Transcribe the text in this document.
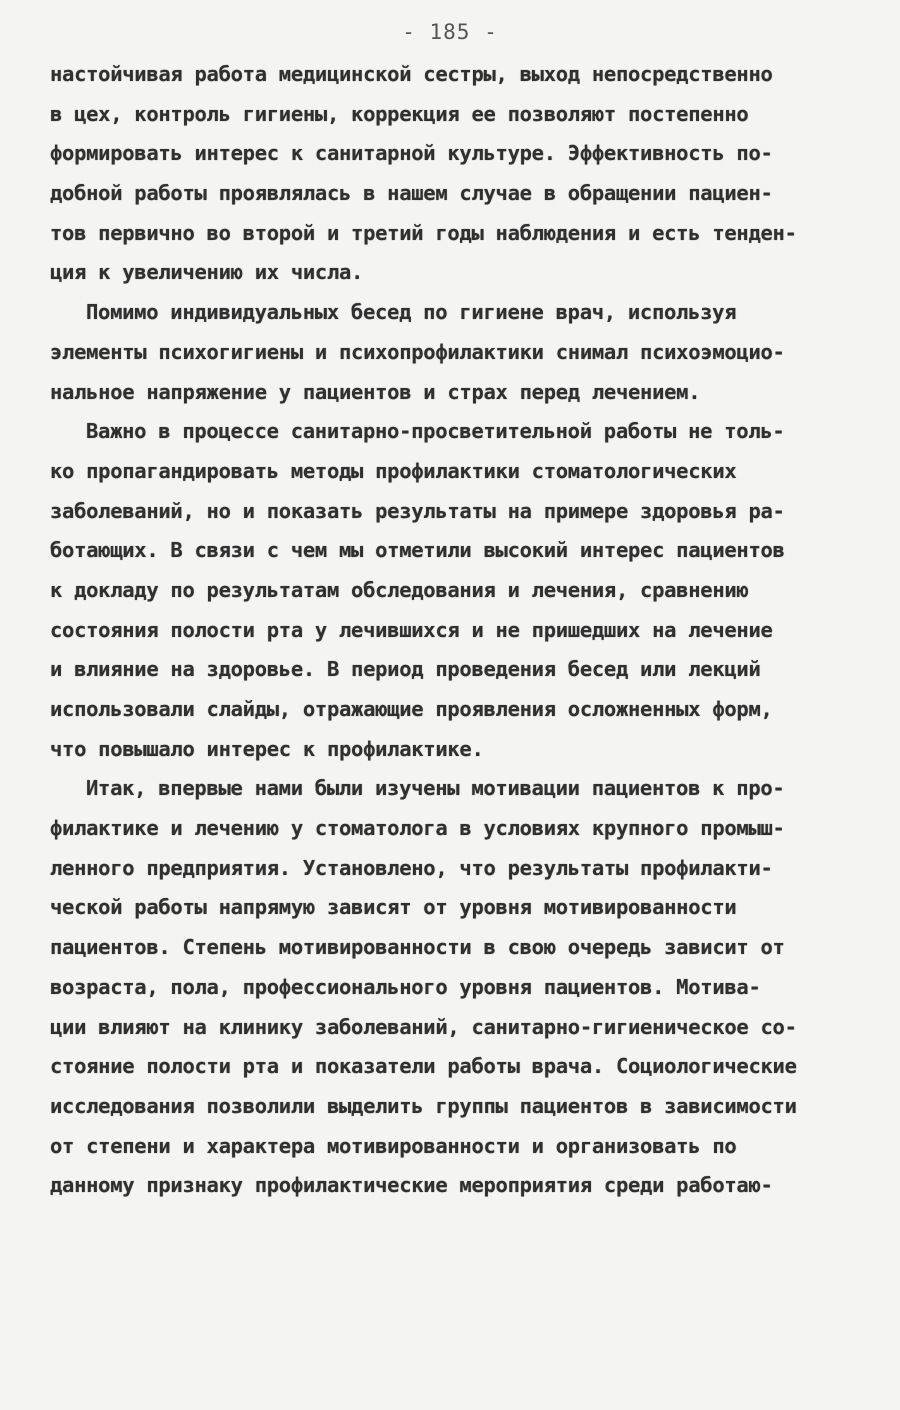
- 185 -
настойчивая работа медицинской сестры, выход непосредственно
в цех, контроль гигиены, коррекция ее позволяют постепенно
формировать интерес к санитарной культуре. Эффективность по-
добной работы проявлялась в нашем случае в обращении пациен-
тов первично во второй и третий годы наблюдения и есть тенден-
ция к увеличению их числа.
Помимо индивидуальных бесед по гигиене врач, используя
элементы психогигиены и психопрофилактики снимал психоэмоцио-
нальное напряжение у пациентов и страх перед лечением.
Важно в процессе санитарно-просветительной работы не толь-
ко пропагандировать методы профилактики стоматологических
заболеваний, но и показать результаты на примере здоровья ра-
ботающих. В связи с чем мы отметили высокий интерес пациентов
к докладу по результатам обследования и лечения, сравнению
состояния полости рта у лечившихся и не пришедших на лечение
и влияние на здоровье. В период проведения бесед или лекций
использовали слайды, отражающие проявления осложненных форм,
что повышало интерес к профилактике.
Итак, впервые нами были изучены мотивации пациентов к про-
филактике и лечению у стоматолога в условиях крупного промыш-
ленного предприятия. Установлено, что результаты профилакти-
ческой работы напрямую зависят от уровня мотивированности
пациентов. Степень мотивированности в свою очередь зависит от
возраста, пола, профессионального уровня пациентов. Мотива-
ции влияют на клинику заболеваний, санитарно-гигиеническое со-
стояние полости рта и показатели работы врача. Социологические
исследования позволили выделить группы пациентов в зависимости
от степени и характера мотивированности и организовать по
данному признаку профилактические мероприятия среди работаю-
